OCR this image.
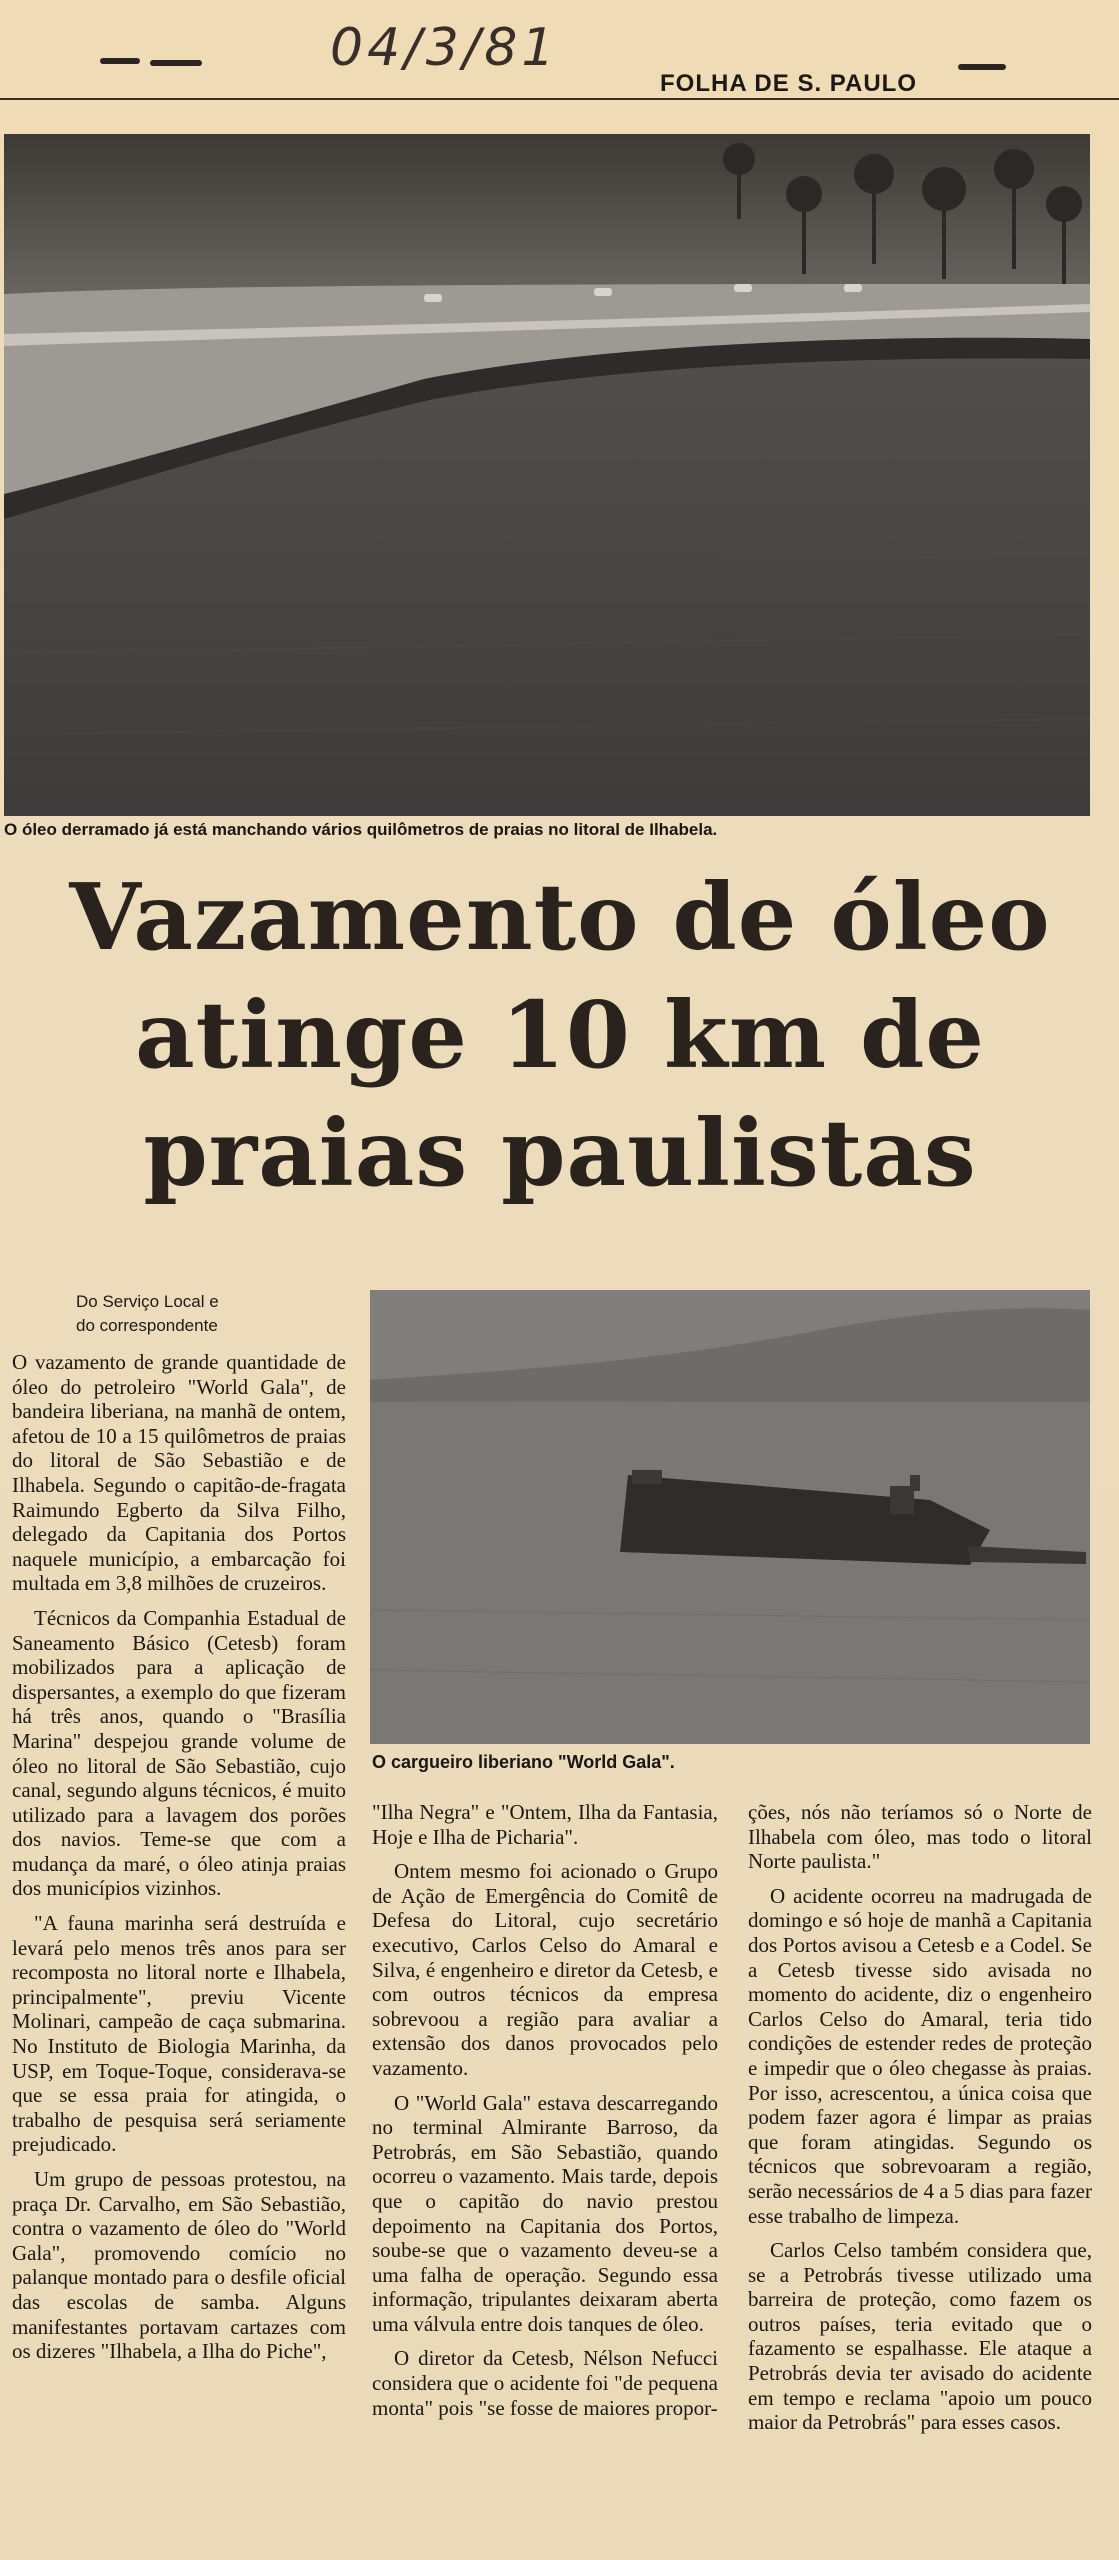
04/3/81
FOLHA DE S. PAULO
O óleo derramado já está manchando vários quilômetros de praias no litoral de Ilhabela.
Vazamento de óleo
atinge 10 km de
praias paulistas
Do Serviço Local e
do correspondente
O cargueiro liberiano "World Gala".

O vazamento de grande quantidade de óleo do petroleiro "World Gala", de bandeira liberiana, na manhã de ontem, afetou de 10 a 15 quilômetros de praias do litoral de São Sebastião e de Ilhabela. Segundo o capitão-de-fragata Raimundo Egberto da Silva Filho, delegado da Capitania dos Portos naquele município, a embarcação foi multada em 3,8 milhões de cruzeiros.

Técnicos da Companhia Estadual de Saneamento Básico (Cetesb) foram mobilizados para a aplicação de dispersantes, a exemplo do que fizeram há três anos, quando o "Brasília Marina" despejou grande volume de óleo no litoral de São Sebastião, cujo canal, segundo alguns técnicos, é muito utilizado para a lavagem dos porões dos navios. Teme-se que com a mudança da maré, o óleo atinja praias dos municípios vizinhos.

"A fauna marinha será destruída e levará pelo menos três anos para ser recomposta no litoral norte e Ilhabela, principalmente", previu Vicente Molinari, campeão de caça submarina. No Instituto de Biologia Marinha, da USP, em Toque-Toque, considerava-se que se essa praia for atingida, o trabalho de pesquisa será seriamente prejudicado.

Um grupo de pessoas protestou, na praça Dr. Carvalho, em São Sebastião, contra o vazamento de óleo do "World Gala", promovendo comício no palanque montado para o desfile oficial das escolas de samba. Alguns manifestantes portavam cartazes com os dizeres "Ilhabela, a Ilha do Piche",

"Ilha Negra" e "Ontem, Ilha da Fantasia, Hoje e Ilha de Picharia".

Ontem mesmo foi acionado o Grupo de Ação de Emergência do Comitê de Defesa do Litoral, cujo secretário executivo, Carlos Celso do Amaral e Silva, é engenheiro e diretor da Cetesb, e com outros técnicos da empresa sobrevoou a região para avaliar a extensão dos danos provocados pelo vazamento.

O "World Gala" estava descarregando no terminal Almirante Barroso, da Petrobrás, em São Sebastião, quando ocorreu o vazamento. Mais tarde, depois que o capitão do navio prestou depoimento na Capitania dos Portos, soube-se que o vazamento deveu-se a uma falha de operação. Segundo essa informação, tripulantes deixaram aberta uma válvula entre dois tanques de óleo.

O diretor da Cetesb, Nélson Nefucci considera que o acidente foi "de pequena monta" pois "se fosse de maiores propor-

ções, nós não teríamos só o Norte de Ilhabela com óleo, mas todo o litoral Norte paulista."

O acidente ocorreu na madrugada de domingo e só hoje de manhã a Capitania dos Portos avisou a Cetesb e a Codel. Se a Cetesb tivesse sido avisada no momento do acidente, diz o engenheiro Carlos Celso do Amaral, teria tido condições de estender redes de proteção e impedir que o óleo chegasse às praias. Por isso, acrescentou, a única coisa que podem fazer agora é limpar as praias que foram atingidas. Segundo os técnicos que sobrevoaram a região, serão necessários de 4 a 5 dias para fazer esse trabalho de limpeza.

Carlos Celso também considera que, se a Petrobrás tivesse utilizado uma barreira de proteção, como fazem os outros países, teria evitado que o fazamento se espalhasse. Ele ataque a Petrobrás devia ter avisado do acidente em tempo e reclama "apoio um pouco maior da Petrobrás" para esses casos.
